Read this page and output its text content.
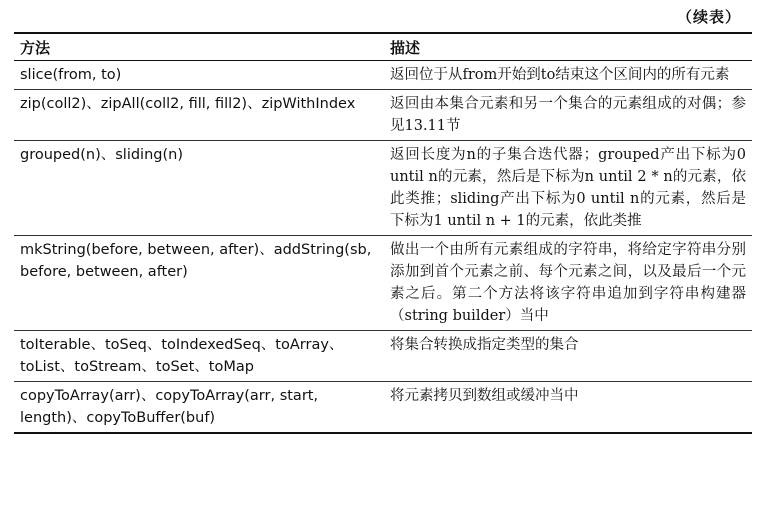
（续表）
方法	描述
slice(from, to)	返回位于从from开始到to结束这个区间内的所有元素
zip(coll2)、zipAll(coll2, fill, fill2)、zipWithIndex	返回由本集合元素和另一个集合的元素组成的对偶；参见13.11节
grouped(n)、sliding(n)	返回长度为n的子集合迭代器；grouped产出下标为0 until n的元素，然后是下标为n until 2 * n的元素，依此类推；sliding产出下标为0 until n的元素，然后是下标为1 until n + 1的元素，依此类推
mkString(before, between, after)、addString(sb, before, between, after)	做出一个由所有元素组成的字符串，将给定字符串分别添加到首个元素之前、每个元素之间，以及最后一个元素之后。第二个方法将该字符串追加到字符串构建器（string builder）当中
toIterable、toSeq、toIndexedSeq、toArray、toList、toStream、toSet、toMap	将集合转换成指定类型的集合
copyToArray(arr)、copyToArray(arr, start, length)、copyToBuffer(buf)	将元素拷贝到数组或缓冲当中
